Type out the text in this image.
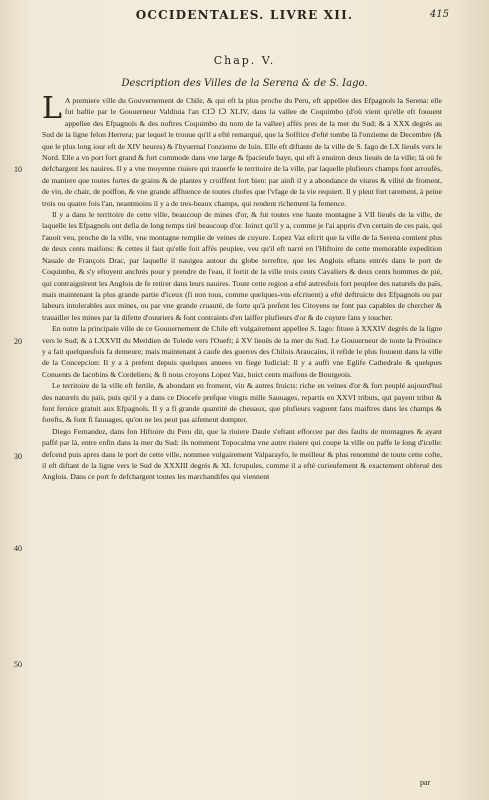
OCCIDENTALES. LIVRE XII.	415
Chap. V.
Description des Villes de la Serena & de S. Iago.
10
20
30
40
50

L A premiere ville du Gouvernement de Chile, & qui eft la plus proche du Peru, eft appellee des Efpagnols la Serena: elle fut baftie par le Gouuerneur Valdiuia l'an CIↃ IↃ XLIV, dans la vallee de Coquimbo (d'où vient qu'elle eft fouuent appellee des Efpagnols & des noftres Coquimbo du nom de la vallee) affés pres de la mer du Sud; & à XXX degrés au Sud de la ligne felon Herrera; par lequel le trouue qu'il a efté remarqué, que la Solftice d'efté tombe là l'onzieme de Decembre (& que le plus long iour eft de XIV heures) & l'hyuernal l'onzieme de Iuin. Elle eft diftante de la ville de S. Iago de LX lieuës vers le Nord. Elle a vn port fort grand & fort commode dans vne large & fpacieufe baye, qui eft à enuiron deux lieuës de la ville; là où fe defchargent les nauires. Il y a vne moyenne riuiere qui trauerfe le territoire de la ville, par laquelle plufieurs champs font arroufés, de maniere que toutes fortes de grains & de plantes y croiffent fort bien: par ainfi il y a abondance de viures & vilité de froment, de vin, de chair, de poiffon, & vne grande affluence de toutes chofes que l'vfage de la vie requiert. Il y pleut fort rarement, à peine trois ou quatre fois l'an, neantmoins il y a de tres-beaux champs, qui rendent richement la femence.

Il y a dans le territoire de cette ville, beaucoup de mines d'or, & fut toutes vne haute montagne à VII lieuës de la ville, de laquelle les Efpagnols ont defia de long temps tiré beaucoup d'or. Ioinct qu'il y a, comme je l'ai appris d'vn certain de ces pais, qui l'auoit veu, proche de la ville, vne montagne remplie de veines de cuyure. Lopez Vaz efcrit que la ville de la Serena contient plus de deux cents maifons: & cettes il faut qu'elle foit affés peuplee, veu qu'il eft narré en l'Hiftoire de cette memorable expedition Nauale de François Drac, par laquelle il nauigea autour du globe terreftre, que les Anglois eftans entrés dans le port de Coquimbo, & s'y eftoyent anchrés pour y prendre de l'eau, il fortit de la ville trois cents Cavaliers & deux cents hommes de pié, qui contraignirent les Anglois de fe retirer dans leurs nauires. Toute cette region a efté autresfois fort peuplee des naturels du païs, mais maintenant la plus grande partie d'iceux (fi non tous, comme quelques-vns efcriuent) a efté deftruicte des Efpagnols ou par labeurs intolerables aux mines, ou par vne grande cruauté, de forte qu'à prefent les Citoyens ne font pas capables de chercher & trauailler les mines par la difette d'ouuriers & font contraints d'en laiffer plufieurs d'or & de cuyure fans y toucher.

En outre la principale ville de ce Gouuernement de Chile eft vulgairement appellee S. Iago: fituee à XXXIV degrés de la ligne vers le Sud; & à LXXVII du Meridien de Tolede vers l'Oueft; à XV lieuës de la mer du Sud. Le Gouuerneur de toute la Prouince y a fait quelquesfois fa demeure; mais maintenant à caufe des guerres des Chilois Araucains, il refide le plus fouuent dans la ville de la Concepcion: Il y a à prefent depuis quelques annees vn fiege Iudicial: Il y a auffi vne Eglife Cathedrale & quelques Conuents de Iacobins & Cordeliers; & fi nous croyons Lopez Vaz, huict cents maifons de Bourgeois.

Le territoire de la ville eft fertile, & abondant en froment, vin & autres fruicts: riche en veines d'or & fort peuplé aujourd'hui des naturels du païs, puis qu'il y a dans ce Diocefe prefque vingts mille Sauuages, repartis en XXVI tributs, qui payent tribut & font feruice gratuit aux Efpagnols. Il y a fi grande quantité de cheuaux, que plufieurs vaguent fans maiftres dans les champs & forefts, & font fi fauuages, qu'on ne les peut pas aifement dompter.

Diego Fernandez, dans fon Hiftoire du Peru dit, que la riuiere Daule s'eftant efforcee par des faults de montagnes & ayant paffé par là, entre enfin dans la mer du Sud: ils nomment Topocalma vne autre riuiere qui coupe la ville ou paffe le long d'icelle: defcend puis apres dans le port de cette ville, nommee vulgairement Valparayfo, le meilleur & plus renommé de toute cette cofte, il eft diftant de la ligne vers le Sud de XXXIII degrés & XL fcrupules, comme il a efté curieufement & exactement obferué des Anglois. Dans ce port fe defchargent toutes les marchandifes qui viennent

par
